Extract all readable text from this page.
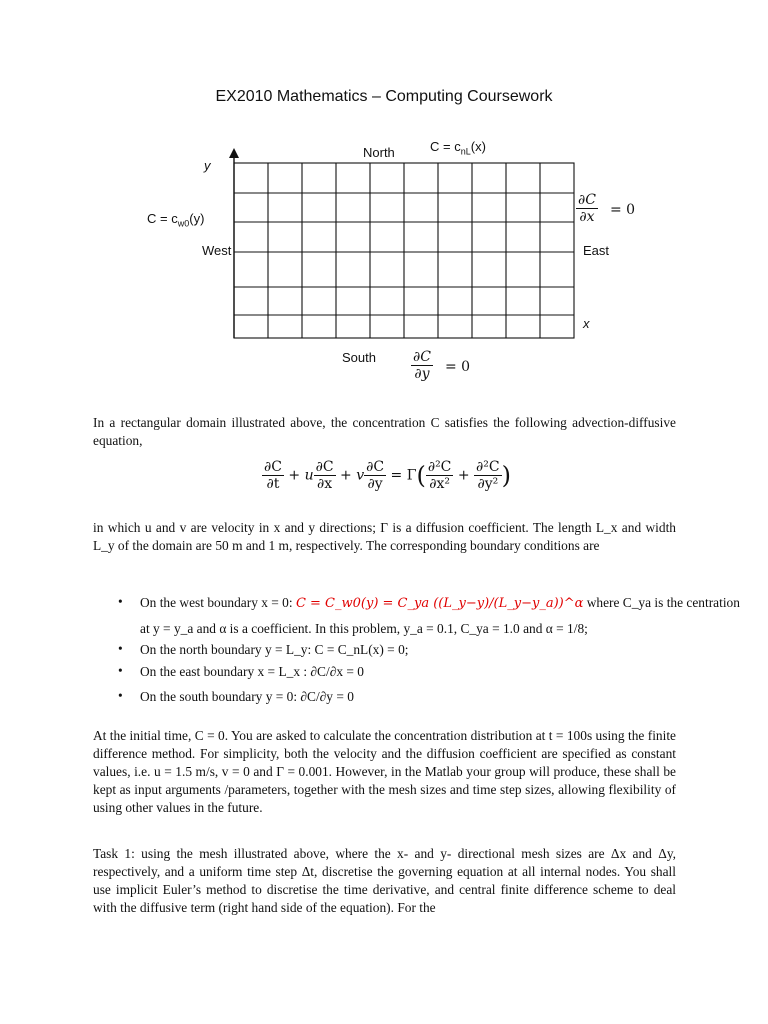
EX2010 Mathematics – Computing Coursework
North	$C = c_{nL}(x)$
y
$C = c_{w0}(y)$
West	East
x
South
$\frac{\partial C}{\partial x} = 0$
$\frac{\partial C}{\partial y} = 0$
In a rectangular domain illustrated above, the concentration C satisfies the following advection-diffusive equation,
$\frac{\partial C}{\partial t} + u \frac{\partial C}{\partial x} + v \frac{\partial C}{\partial y} = \Gamma( \frac{\text{∂²C}}{\text{∂x²}} + \frac{\text{∂²C}}{\text{∂y²}}$ )
in which u and v are velocity in x and y directions; Γ is a diffusion coefficient. The length L_x and width L_y of the domain are 50 m and 1 m, respectively. The corresponding boundary conditions are
• On the west boundary x = 0: C = C_w0(y) = C_ya ((L_y−y)/(L_y−y_a))^α where C_ya is the centration
at y = y_a and α is a coefficient. In this problem, y_a = 0.1, C_ya = 1.0 and α = 1/8;
• On the north boundary y = L_y: C = C_nL(x) = 0;
• On the east boundary x = L_x : ∂C/∂x = 0
• On the south boundary y = 0: ∂C/∂y = 0
At the initial time, C = 0. You are asked to calculate the concentration distribution at t = 100s using the finite difference method. For simplicity, both the velocity and the diffusion coefficient are specified as constant values, i.e. u = 1.5 m/s, v = 0 and Γ = 0.001. However, in the Matlab your group will produce, these shall be kept as input arguments /parameters, together with the mesh sizes and time step sizes, allowing flexibility of using other values in the future.
Task 1: using the mesh illustrated above, where the x- and y- directional mesh sizes are Δx and Δy, respectively, and a uniform time step Δt, discretise the governing equation at all internal nodes. You shall use implicit Euler’s method to discretise the time derivative, and central finite difference scheme to deal with the diffusive term (right hand side of the equation). For the
